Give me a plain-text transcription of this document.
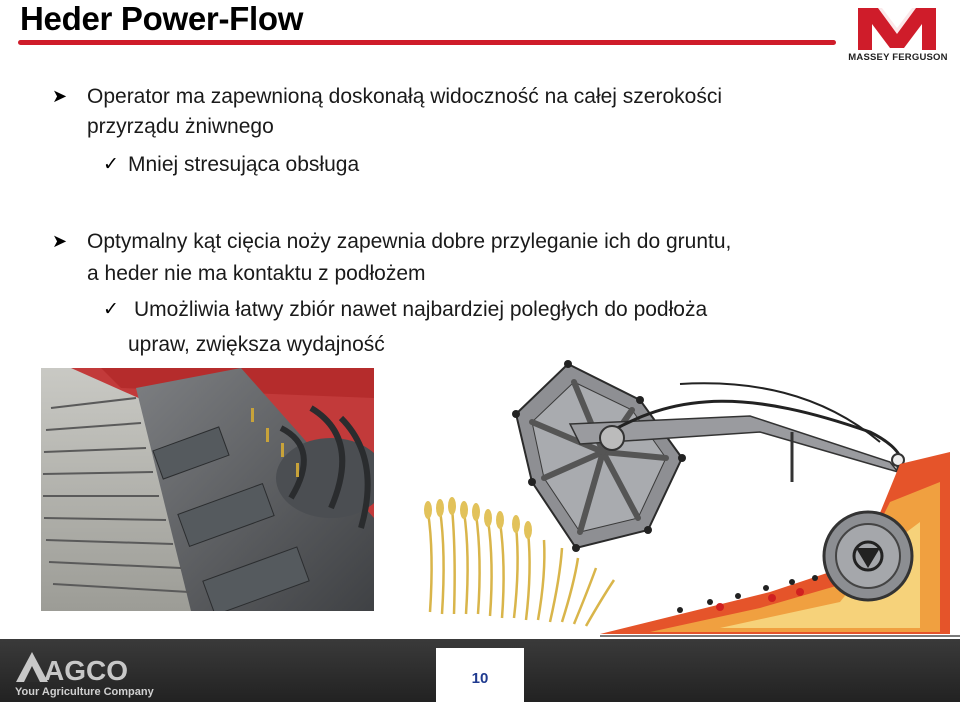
Heder Power-Flow
MASSEY FERGUSON
➤ Operator ma zapewnioną doskonałą widoczność na całej szerokości
przyrządu żniwnego
✓ Mniej stresująca obsługa
➤ Optymalny kąt cięcia noży zapewnia dobre przyleganie ich do gruntu,
a heder nie ma kontaktu z podłożem
✓ Umożliwia łatwy zbiór nawet najbardziej poległych do podłoża
upraw, zwiększa wydajność
AGCO
Your Agriculture Company
10
